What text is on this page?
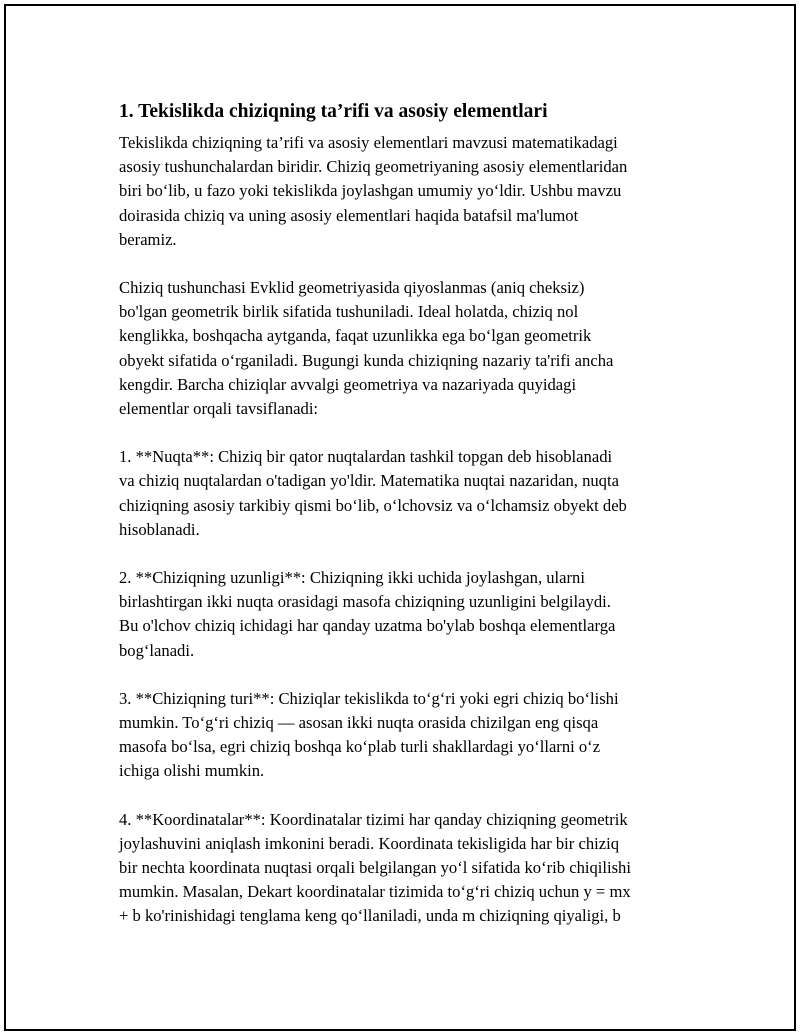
1. Tekislikda chiziqning ta’rifi va asosiy elementlari
Tekislikda chiziqning ta’rifi va asosiy elementlari mavzusi matematikadagi
asosiy tushunchalardan biridir. Chiziq geometriyaning asosiy elementlaridan
biri bo‘lib, u fazo yoki tekislikda joylashgan umumiy yo‘ldir. Ushbu mavzu
doirasida chiziq va uning asosiy elementlari haqida batafsil ma'lumot
beramiz.
Chiziq tushunchasi Evklid geometriyasida qiyoslanmas (aniq cheksiz)
bo'lgan geometrik birlik sifatida tushuniladi. Ideal holatda, chiziq nol
kenglikka, boshqacha aytganda, faqat uzunlikka ega bo‘lgan geometrik
obyekt sifatida o‘rganiladi. Bugungi kunda chiziqning nazariy ta'rifi ancha
kengdir. Barcha chiziqlar avvalgi geometriya va nazariyada quyidagi
elementlar orqali tavsiflanadi:
1. **Nuqta**: Chiziq bir qator nuqtalardan tashkil topgan deb hisoblanadi
va chiziq nuqtalardan o'tadigan yo'ldir. Matematika nuqtai nazaridan, nuqta
chiziqning asosiy tarkibiy qismi bo‘lib, o‘lchovsiz va o‘lchamsiz obyekt deb
hisoblanadi.
2. **Chiziqning uzunligi**: Chiziqning ikki uchida joylashgan, ularni
birlashtirgan ikki nuqta orasidagi masofa chiziqning uzunligini belgilaydi.
Bu o'lchov chiziq ichidagi har qanday uzatma bo'ylab boshqa elementlarga
bog‘lanadi.
3. **Chiziqning turi**: Chiziqlar tekislikda to‘g‘ri yoki egri chiziq bo‘lishi
mumkin. To‘g‘ri chiziq — asosan ikki nuqta orasida chizilgan eng qisqa
masofa bo‘lsa, egri chiziq boshqa ko‘plab turli shakllardagi yo‘llarni o‘z
ichiga olishi mumkin.
4. **Koordinatalar**: Koordinatalar tizimi har qanday chiziqning geometrik
joylashuvini aniqlash imkonini beradi. Koordinata tekisligida har bir chiziq
bir nechta koordinata nuqtasi orqali belgilangan yo‘l sifatida ko‘rib chiqilishi
mumkin. Masalan, Dekart koordinatalar tizimida to‘g‘ri chiziq uchun y = mx
+ b ko'rinishidagi tenglama keng qo‘llaniladi, unda m chiziqning qiyaligi, b
